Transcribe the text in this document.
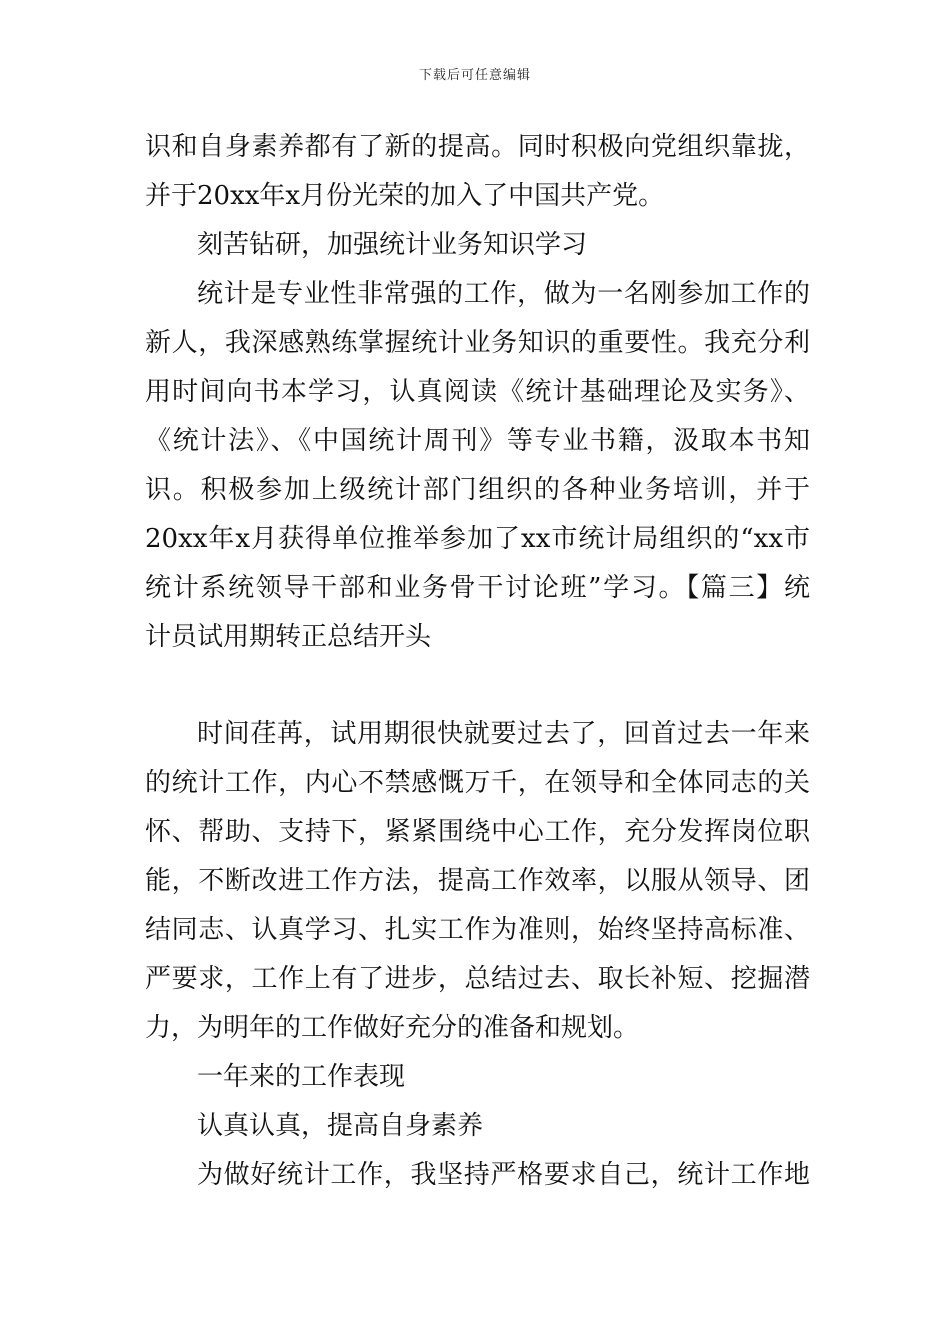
下载后可任意编辑
识和自身素养都有了新的提高。同时积极向党组织靠拢，
并于20xx年x月份光荣的加入了中国共产党。
刻苦钻研，加强统计业务知识学习
统计是专业性非常强的工作，做为一名刚参加工作的
新人，我深感熟练掌握统计业务知识的重要性。我充分利
用时间向书本学习，认真阅读《统计基础理论及实务》、
《统计法》、《中国统计周刊》等专业书籍，汲取本书知
识。积极参加上级统计部门组织的各种业务培训，并于
20xx年x月获得单位推举参加了xx市统计局组织的“xx市
统计系统领导干部和业务骨干讨论班”学习。【篇三】统
计员试用期转正总结开头
时间荏苒，试用期很快就要过去了，回首过去一年来
的统计工作，内心不禁感慨万千，在领导和全体同志的关
怀、帮助、支持下，紧紧围绕中心工作，充分发挥岗位职
能，不断改进工作方法，提高工作效率，以服从领导、团
结同志、认真学习、扎实工作为准则，始终坚持高标准、
严要求，工作上有了进步，总结过去、取长补短、挖掘潜
力，为明年的工作做好充分的准备和规划。
一年来的工作表现
认真认真，提高自身素养
为做好统计工作，我坚持严格要求自己，统计工作地
